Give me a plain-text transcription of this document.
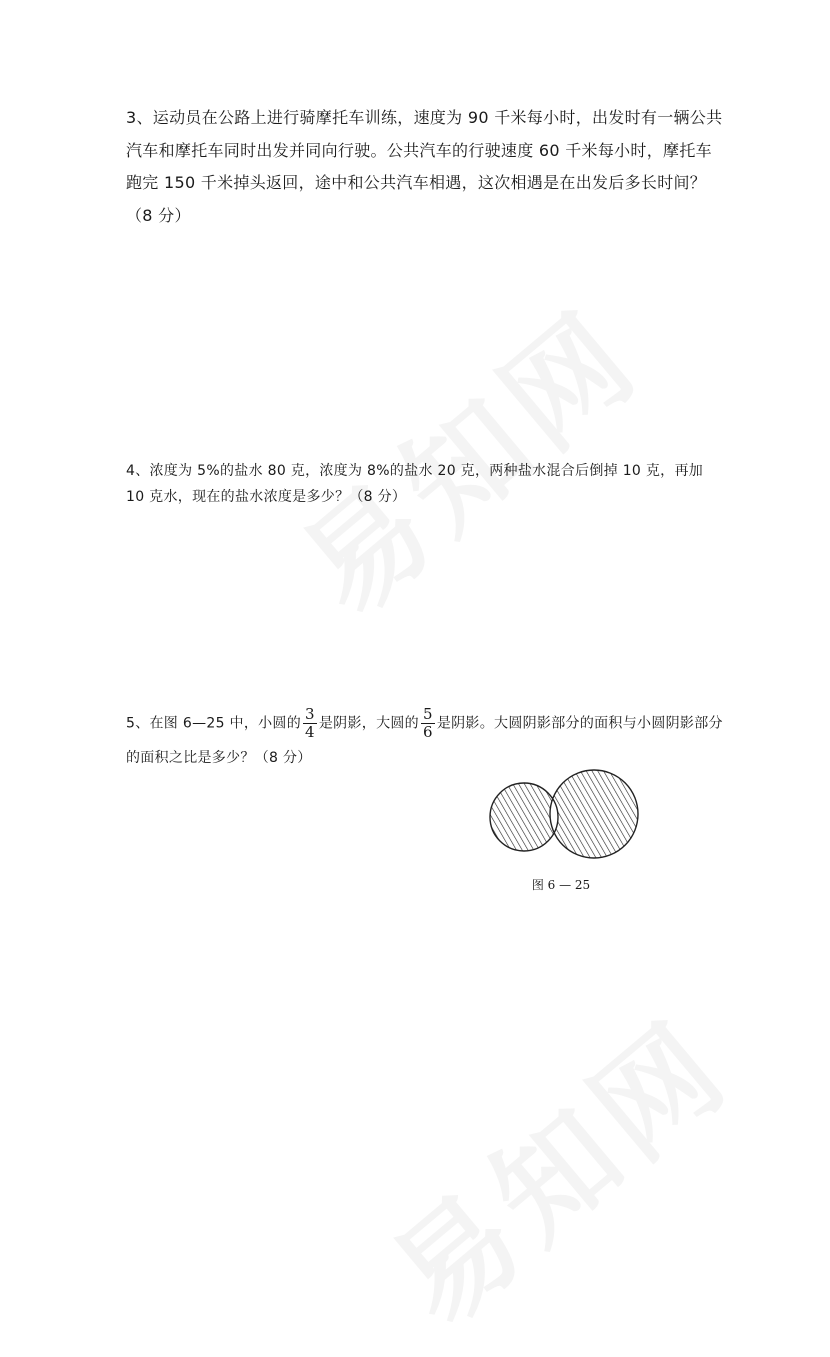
3、运动员在公路上进行骑摩托车训练，速度为 90 千米每小时，出发时有一辆公共汽车和摩托车同时出发并同向行驶。公共汽车的行驶速度 60 千米每小时，摩托车跑完 150 千米掉头返回，途中和公共汽车相遇，这次相遇是在出发后多长时间？（8 分）
4、浓度为 5%的盐水 80 克，浓度为 8%的盐水 20 克，两种盐水混合后倒掉 10 克，再加 10 克水，现在的盐水浓度是多少？（8 分）
5、在图 6—25 中，小圆的 $\frac{3}{4}$ 是阴影，大圆的 $\frac{5}{6}$ 是阴影。大圆阴影部分的面积与小圆阴影部分的面积之比是多少？（8 分）
图 6 — 25
